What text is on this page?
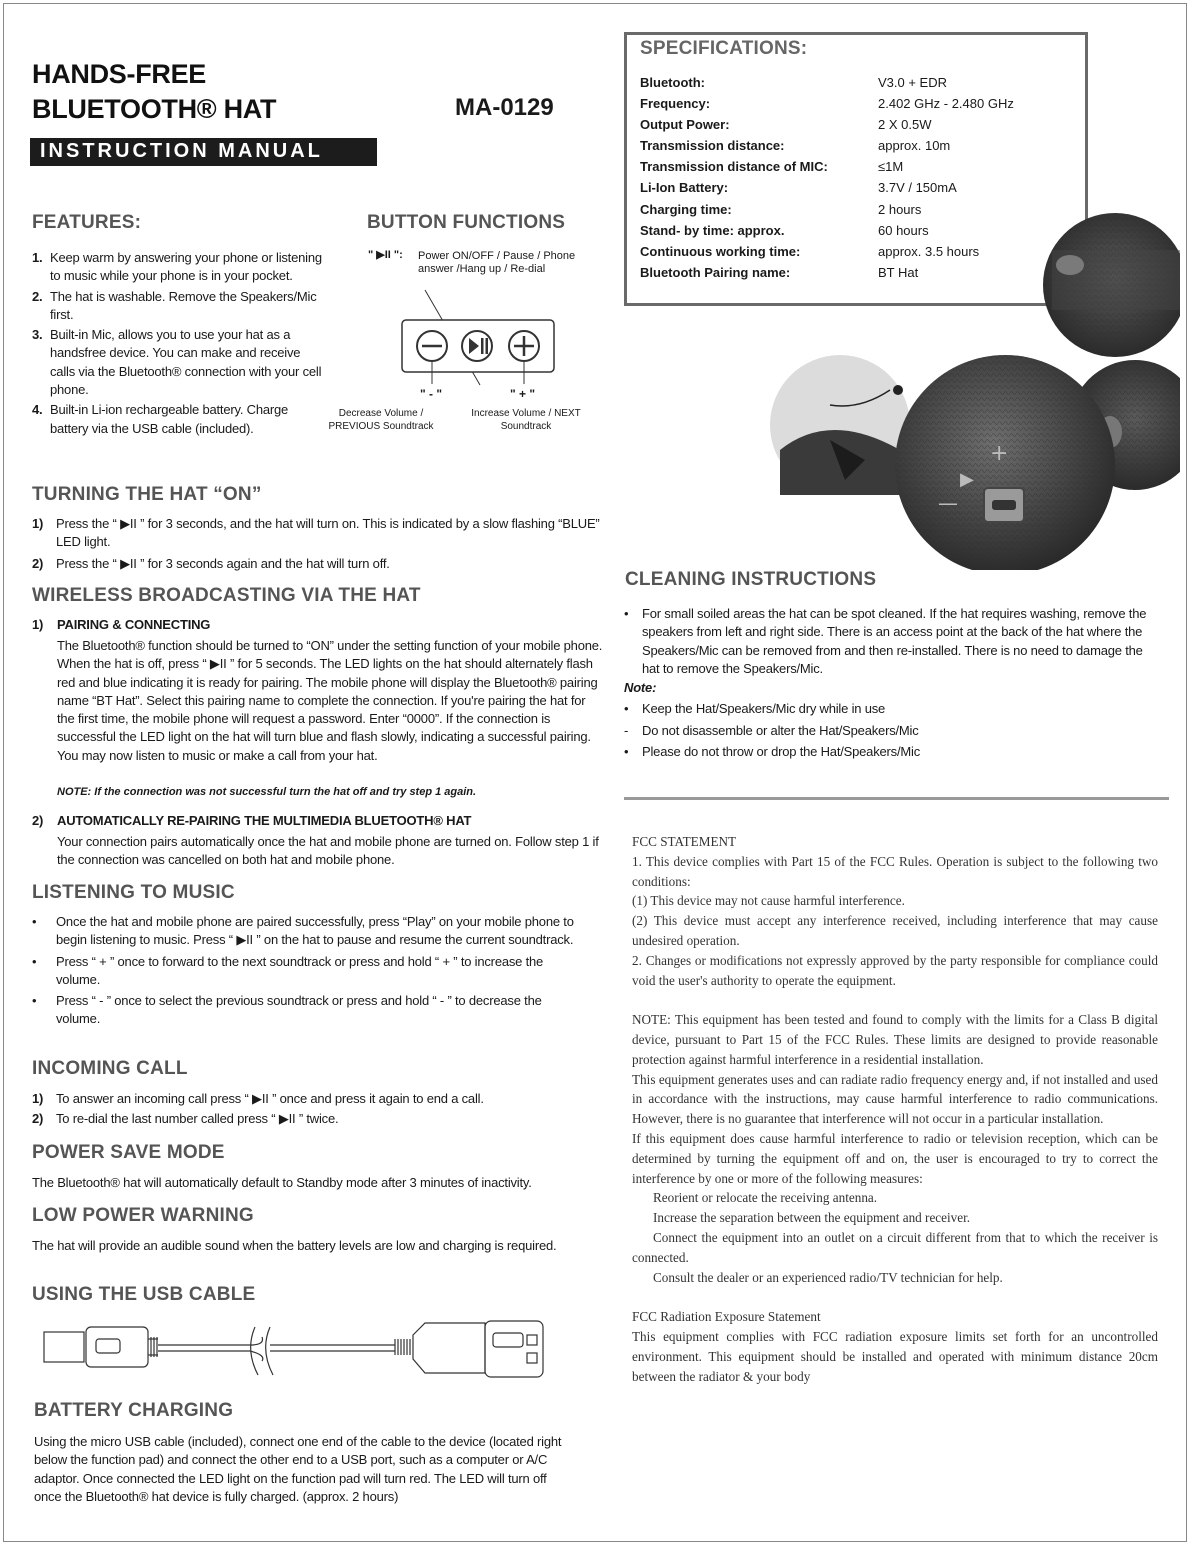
HANDS-FREE
BLUETOOTH® HAT	MA-0129
INSTRUCTION MANUAL
FEATURES:
1. Keep warm by answering your phone or listening to music while your phone is in your pocket.
2. The hat is washable. Remove the Speakers/Mic first.
3. Built-in Mic, allows you to use your hat as a handsfree device. You can make and receive calls via the Bluetooth® connection with your cell phone.
4. Built-in Li-ion rechargeable battery. Charge battery via the USB cable (included).
BUTTON FUNCTIONS
" ▶II ": Power ON/OFF / Pause / Phone answer /Hang up / Re-dial
" - "	" + "
Decrease Volume / PREVIOUS Soundtrack
Increase Volume / NEXT Soundtrack
SPECIFICATIONS:
Bluetooth:	V3.0 + EDR
Frequency:	2.402 GHz - 2.480 GHz
Output Power:	2 X 0.5W
Transmission distance:	approx. 10m
Transmission distance of MIC:	≤1M
Li-Ion Battery:	3.7V / 150mA
Charging time:	2 hours
Stand- by time: approx.	60 hours
Continuous working time:	approx. 3.5 hours
Bluetooth Pairing name:	BT Hat
—
▶
+
TURNING THE HAT “ON”
1) Press the “ ▶II ” for 3 seconds, and the hat will turn on. This is indicated by a slow flashing “BLUE” LED light.
2) Press the “ ▶II ” for 3 seconds again and the hat will turn off.
WIRELESS BROADCASTING VIA THE HAT
1) PAIRING & CONNECTING
The Bluetooth® function should be turned to “ON” under the setting function of your mobile phone. When the hat is off, press “ ▶II ” for 5 seconds. The LED lights on the hat should alternately flash red and blue indicating it is ready for pairing. The mobile phone will display the Bluetooth® pairing name “BT Hat”. Select this pairing name to complete the connection. If you're pairing the hat for the first time, the mobile phone will request a password. Enter “0000”. If the connection is successful the LED light on the hat will turn blue and flash slowly, indicating a successful pairing. You may now listen to music or make a call from your hat.
NOTE: If the connection was not successful turn the hat off and try step 1 again.
2) AUTOMATICALLY RE-PAIRING THE MULTIMEDIA BLUETOOTH® HAT
Your connection pairs automatically once the hat and mobile phone are turned on. Follow step 1 if the connection was cancelled on both hat and mobile phone.
LISTENING TO MUSIC
• Once the hat and mobile phone are paired successfully, press “Play” on your mobile phone to begin listening to music. Press “ ▶II ” on the hat to pause and resume the current soundtrack.
• Press “ + ” once to forward to the next soundtrack or press and hold “ + ” to increase the volume.
• Press “ - ” once to select the previous soundtrack or press and hold “ - ” to decrease the volume.
INCOMING CALL
1) To answer an incoming call press “ ▶II ” once and press it again to end a call.
2) To re-dial the last number called press “ ▶II ” twice.
POWER SAVE MODE
The Bluetooth® hat will automatically default to Standby mode after 3 minutes of inactivity.
LOW POWER WARNING
The hat will provide an audible sound when the battery levels are low and charging is required.
USING THE USB CABLE
BATTERY CHARGING
Using the micro USB cable (included), connect one end of the cable to the device (located right below the function pad) and connect the other end to a USB port, such as a computer or A/C adaptor. Once connected the LED light on the function pad will turn red. The LED will turn off once the Bluetooth® hat device is fully charged. (approx. 2 hours)
CLEANING INSTRUCTIONS
• For small soiled areas the hat can be spot cleaned. If the hat requires washing, remove the speakers from left and right side. There is an access point at the back of the hat where the Speakers/Mic can be removed from and then re-installed. There is no need to damage the hat to remove the Speakers/Mic.
Note:
• Keep the Hat/Speakers/Mic dry while in use
- Do not disassemble or alter the Hat/Speakers/Mic
• Please do not throw or drop the Hat/Speakers/Mic

FCC STATEMENT

1. This device complies with Part 15 of the FCC Rules. Operation is subject to the following two conditions:

(1) This device may not cause harmful interference.

(2) This device must accept any interference received, including interference that may cause undesired operation.

2. Changes or modifications not expressly approved by the party responsible for compliance could void the user's authority to operate the equipment.

NOTE: This equipment has been tested and found to comply with the limits for a Class B digital device, pursuant to Part 15 of the FCC Rules. These limits are designed to provide reasonable protection against harmful interference in a residential installation.

This equipment generates uses and can radiate radio frequency energy and, if not installed and used in accordance with the instructions, may cause harmful interference to radio communications. However, there is no guarantee that interference will not occur in a particular installation.

If this equipment does cause harmful interference to radio or television reception, which can be determined by turning the equipment off and on, the user is encouraged to try to correct the interference by one or more of the following measures:

Reorient or relocate the receiving antenna.

Increase the separation between the equipment and receiver.

Connect the equipment into an outlet on a circuit different from that to which the receiver is connected.

Consult the dealer or an experienced radio/TV technician for help.

FCC Radiation Exposure Statement

This equipment complies with FCC radiation exposure limits set forth for an uncontrolled environment. This equipment should be installed and operated with minimum distance 20cm between the radiator & your body
